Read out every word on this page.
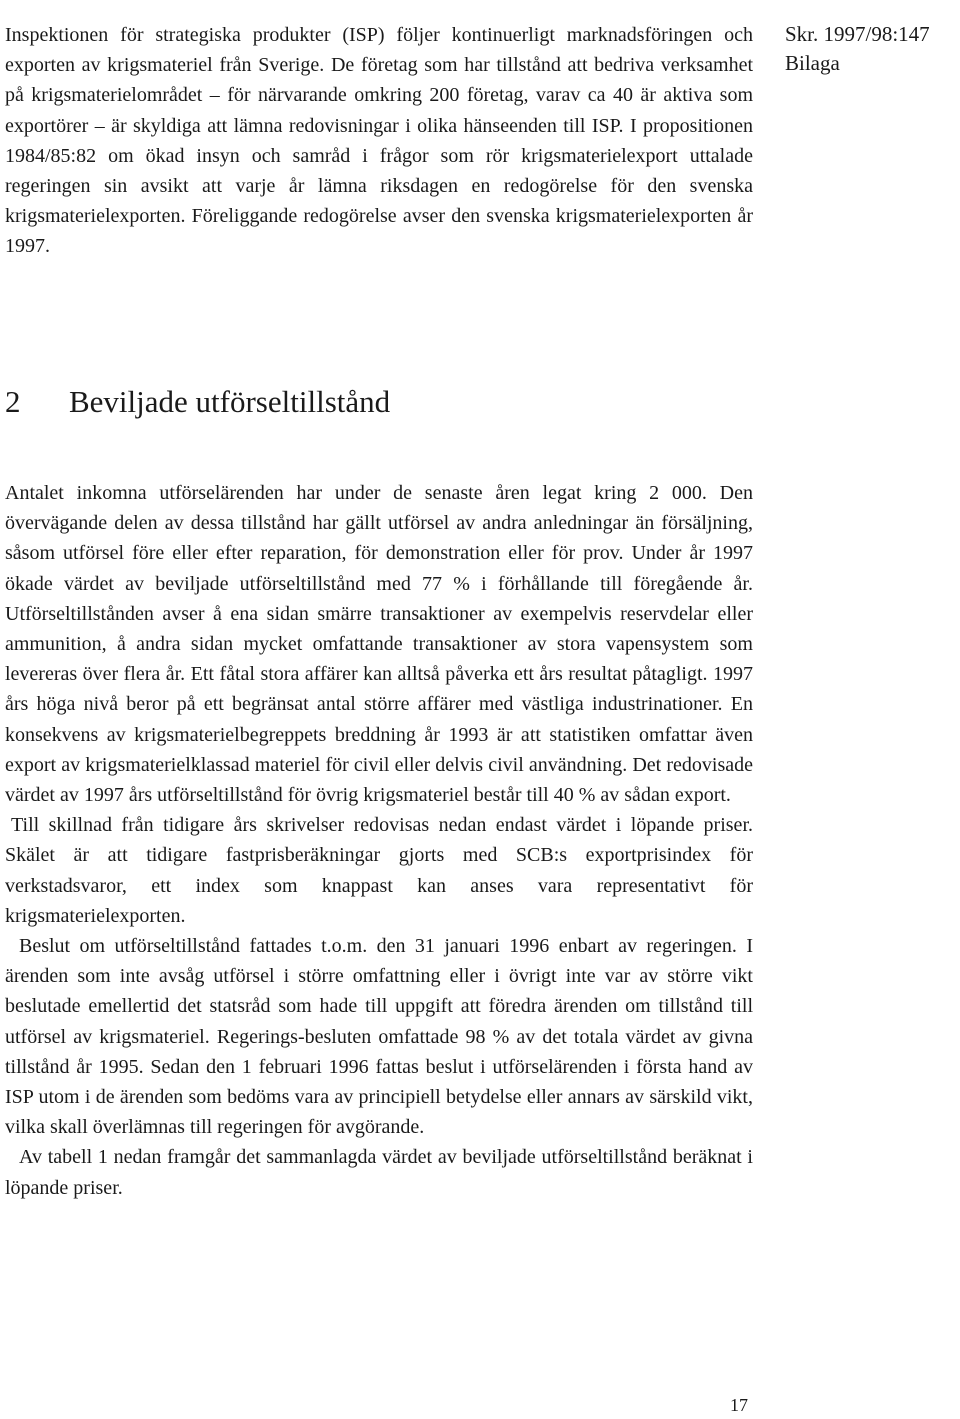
Skr. 1997/98:147
Bilaga

Inspektionen för strategiska produkter (ISP) följer kontinuerligt marknadsföringen och exporten av krigsmateriel från Sverige. De företag som har tillstånd att bedriva verksamhet på krigsmaterielområdet – för närvarande omkring 200 företag, varav ca 40 är aktiva som exportörer – är skyldiga att lämna redovisningar i olika hänseenden till ISP. I propositionen 1984/85:82 om ökad insyn och samråd i frågor som rör krigsmaterielexport uttalade regeringen sin avsikt att varje år lämna riksdagen en redogörelse för den svenska krigsmaterielexporten. Föreliggande redogörelse avser den svenska krigsmaterielexporten år 1997.

2 Beviljade utförseltillstånd

Antalet inkomna utförselärenden har under de senaste åren legat kring 2 000. Den övervägande delen av dessa tillstånd har gällt utförsel av andra anledningar än försäljning, såsom utförsel före eller efter reparation, för demonstration eller för prov. Under år 1997 ökade värdet av beviljade utförseltillstånd med 77 % i förhållande till föregående år. Utförseltillstånden avser å ena sidan smärre transaktioner av exempelvis reservdelar eller ammunition, å andra sidan mycket omfattande transaktioner av stora vapensystem som levereras över flera år. Ett fåtal stora affärer kan alltså påverka ett års resultat påtagligt. 1997 års höga nivå beror på ett begränsat antal större affärer med västliga industrinationer. En konsekvens av krigsmaterielbegreppets breddning år 1993 är att statistiken omfattar även export av krigsmaterielklassad materiel för civil eller delvis civil användning. Det redovisade värdet av 1997 års utförseltillstånd för övrig krigsmateriel består till 40 % av sådan export.

Till skillnad från tidigare års skrivelser redovisas nedan endast värdet i löpande priser. Skälet är att tidigare fastprisberäkningar gjorts med SCB:s exportprisindex för verkstadsvaror, ett index som knappast kan anses vara representativt för krigsmaterielexporten.

Beslut om utförseltillstånd fattades t.o.m. den 31 januari 1996 enbart av regeringen. I ärenden som inte avsåg utförsel i större omfattning eller i övrigt inte var av större vikt beslutade emellertid det statsråd som hade till uppgift att föredra ärenden om tillstånd till utförsel av krigsmateriel. Regerings-besluten omfattade 98 % av det totala värdet av givna tillstånd år 1995. Sedan den 1 februari 1996 fattas beslut i utförselärenden i första hand av ISP utom i de ärenden som bedöms vara av principiell betydelse eller annars av särskild vikt, vilka skall överlämnas till regeringen för avgörande.

Av tabell 1 nedan framgår det sammanlagda värdet av beviljade utförseltillstånd beräknat i löpande priser.

17
